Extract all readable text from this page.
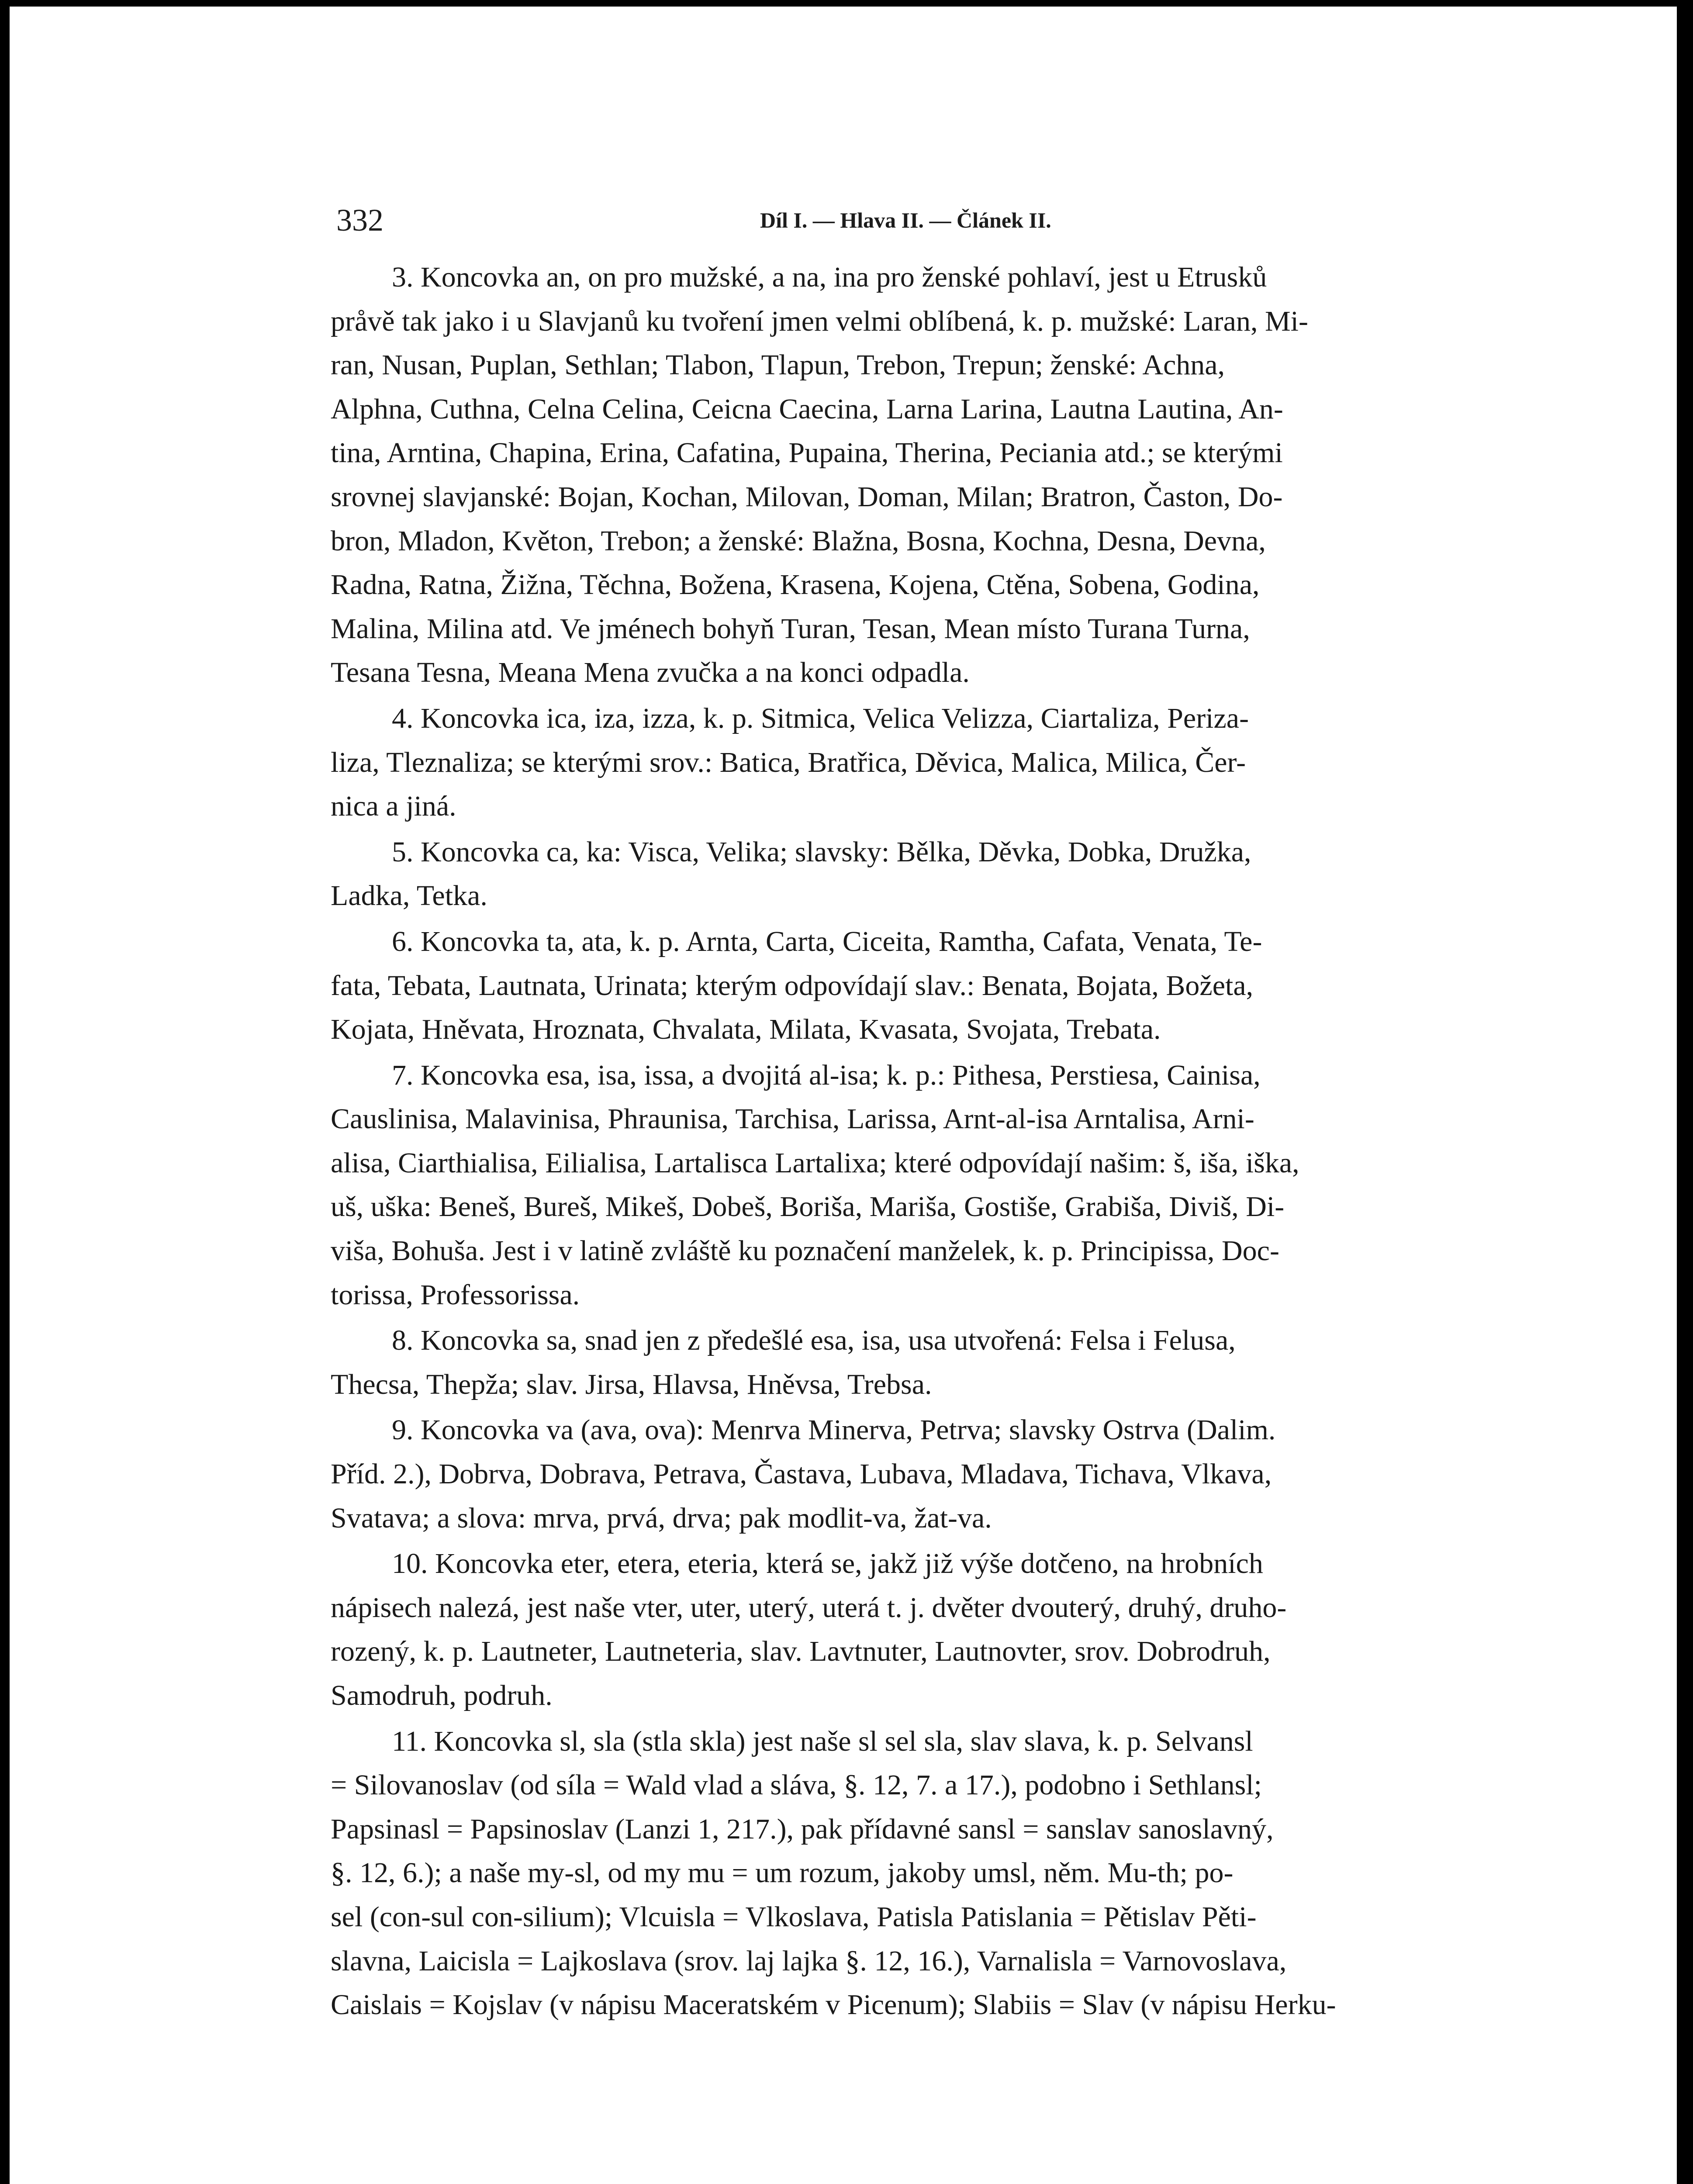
332	Díl I. — Hlava II. — Článek II.

3. Koncovka an, on pro mužské, a na, ina pro ženské pohlaví, jest u Etrusků
pråvě tak jako i u Slavjanů ku tvoření jmen velmi oblíbená, k. p. mužské: Laran, Mi-
ran, Nusan, Puplan, Sethlan; Tlabon, Tlapun, Trebon, Trepun; ženské: Achna,
Alphna, Cuthna, Celna Celina, Ceicna Caecina, Larna Larina, Lautna Lautina, An-
tina, Arntina, Chapina, Erina, Cafatina, Pupaina, Therina, Peciania atd.; se kterými
srovnej slavjanské: Bojan, Kochan, Milovan, Doman, Milan; Bratron, Časton, Do-
bron, Mladon, Květon, Trebon; a ženské: Blažna, Bosna, Kochna, Desna, Devna,
Radna, Ratna, Žižna, Těchna, Božena, Krasena, Kojena, Ctěna, Sobena, Godina,
Malina, Milina atd. Ve jménech bohyň Turan, Tesan, Mean místo Turana Turna,
Tesana Tesna, Meana Mena zvučka a na konci odpadla.

4. Koncovka ica, iza, izza, k. p. Sitmica, Velica Velizza, Ciartaliza, Periza-
liza, Tleznaliza; se kterými srov.: Batica, Bratřica, Děvica, Malica, Milica, Čer-
nica a jiná.

5. Koncovka ca, ka: Visca, Velika; slavsky: Bělka, Děvka, Dobka, Družka,
Ladka, Tetka.

6. Koncovka ta, ata, k. p. Arnta, Carta, Ciceita, Ramtha, Cafata, Venata, Te-
fata, Tebata, Lautnata, Urinata; kterým odpovídají slav.: Benata, Bojata, Božeta,
Kojata, Hněvata, Hroznata, Chvalata, Milata, Kvasata, Svojata, Trebata.

7. Koncovka esa, isa, issa, a dvojitá al-isa; k. p.: Pithesa, Perstiesa, Cainisa,
Causlinisa, Malavinisa, Phraunisa, Tarchisa, Larissa, Arnt-al-isa Arntalisa, Arni-
alisa, Ciarthialisa, Eilialisa, Lartalisca Lartalixa; které odpovídají našim: š, iša, iška,
uš, uška: Beneš, Bureš, Mikeš, Dobeš, Boriša, Mariša, Gostiše, Grabiša, Diviš, Di-
viša, Bohuša. Jest i v latině zvláště ku poznačení manželek, k. p. Principissa, Doc-
torissa, Professorissa.

8. Koncovka sa, snad jen z předešlé esa, isa, usa utvořená: Felsa i Felusa,
Thecsa, Thepža; slav. Jirsa, Hlavsa, Hněvsa, Trebsa.

9. Koncovka va (ava, ova): Menrva Minerva, Petrva; slavsky Ostrva (Dalim.
Příd. 2.), Dobrva, Dobrava, Petrava, Častava, Lubava, Mladava, Tichava, Vlkava,
Svatava; a slova: mrva, prvá, drva; pak modlit-va, žat-va.

10. Koncovka eter, etera, eteria, která se, jakž již výše dotčeno, na hrobních
nápisech nalezá, jest naše vter, uter, uterý, uterá t. j. dvěter dvouterý, druhý, druho-
rozený, k. p. Lautneter, Lautneteria, slav. Lavtnuter, Lautnovter, srov. Dobrodruh,
Samodruh, podruh.

11. Koncovka sl, sla (stla skla) jest naše sl sel sla, slav slava, k. p. Selvansl
= Silovanoslav (od síla = Wald vlad a sláva, §. 12, 7. a 17.), podobno i Sethlansl;
Papsinasl = Papsinoslav (Lanzi 1, 217.), pak přídavné sansl = sanslav sanoslavný,
§. 12, 6.); a naše my-sl, od my mu = um rozum, jakoby umsl, něm. Mu-th; po-
sel (con-sul con-silium); Vlcuisla = Vlkoslava, Patisla Patislania = Pětislav Pěti-
slavna, Laicisla = Lajkoslava (srov. laj lajka §. 12, 16.), Varnalisla = Varnovoslava,
Caislais = Kojslav (v nápisu Maceratském v Picenum); Slabiis = Slav (v nápisu Herku-
